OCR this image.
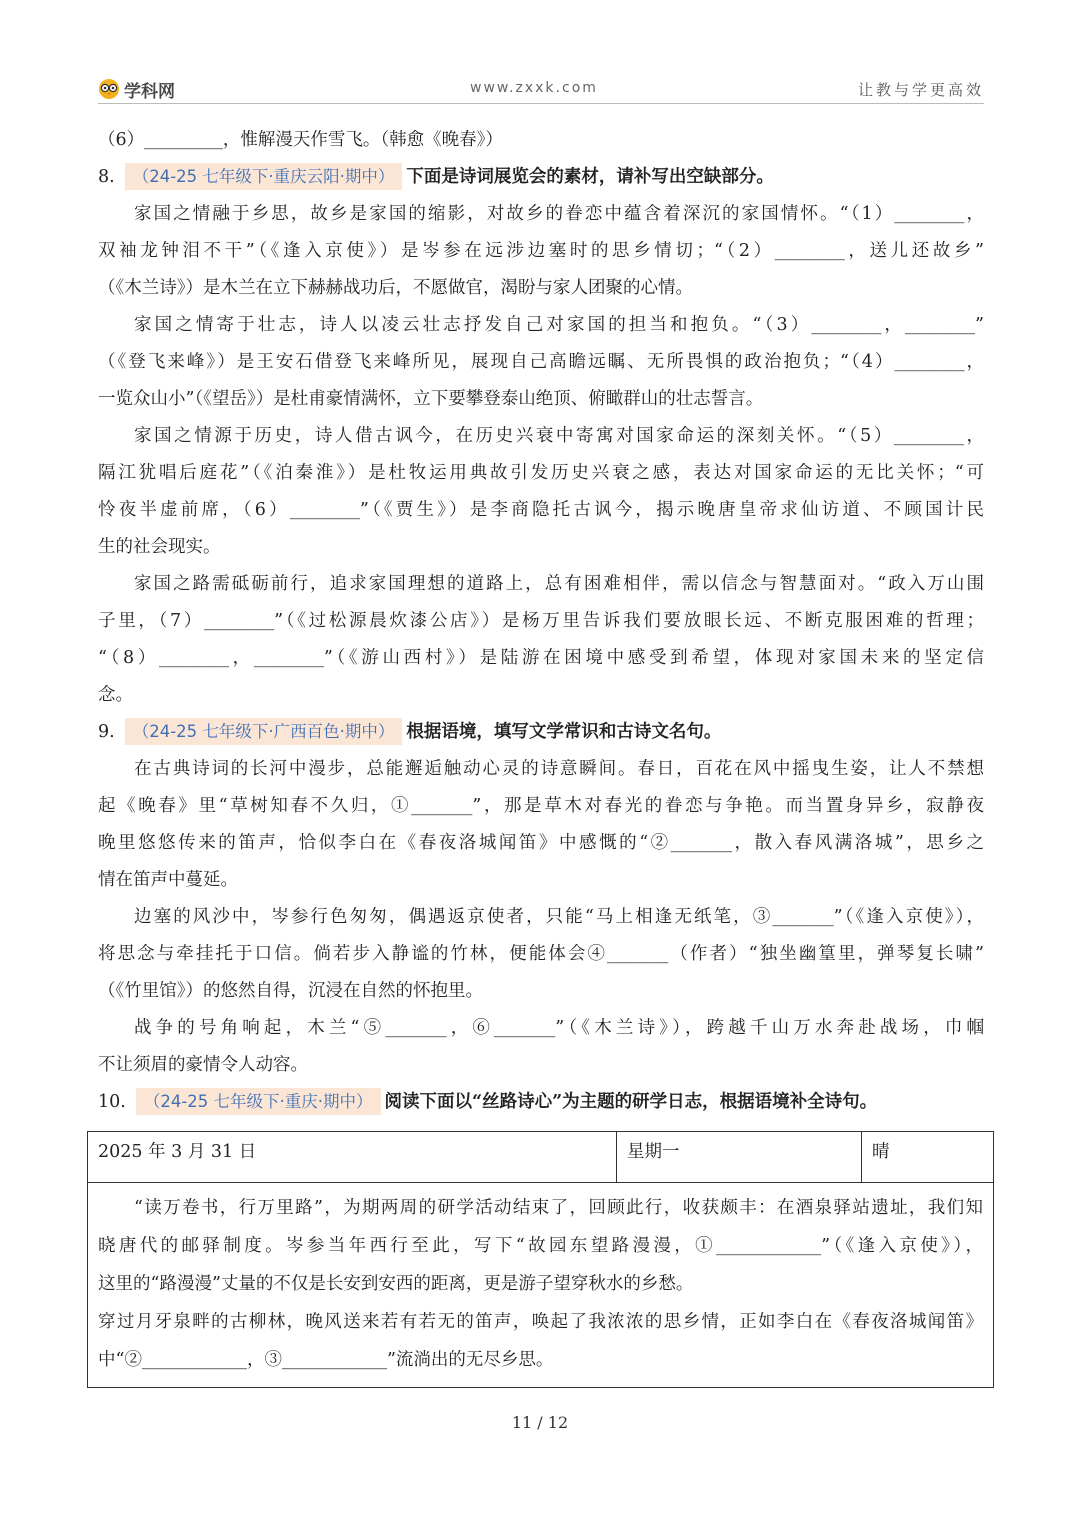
学科网	www.zxxk.com	让教与学更高效
（6）_________，惟解漫天作雪飞。（韩愈《晚春》）
8. （24-25 七年级下·重庆云阳·期中） 下面是诗词展览会的素材，请补写出空缺部分。
家国之情融于乡思，故乡是家国的缩影，对故乡的眷恋中蕴含着深沉的家国情怀。“（1）________，
双袖龙钟泪不干”（《逢入京使》）是岑参在远涉边塞时的思乡情切；“（2）________，送儿还故乡”
（《木兰诗》）是木兰在立下赫赫战功后，不愿做官，渴盼与家人团聚的心情。
家国之情寄于壮志，诗人以凌云壮志抒发自己对家国的担当和抱负。“（3）________，________”
（《登飞来峰》）是王安石借登飞来峰所见，展现自己高瞻远瞩、无所畏惧的政治抱负；“（4）________，
一览众山小”（《望岳》）是杜甫豪情满怀，立下要攀登泰山绝顶、俯瞰群山的壮志誓言。
家国之情源于历史，诗人借古讽今，在历史兴衰中寄寓对国家命运的深刻关怀。“（5）________，
隔江犹唱后庭花”（《泊秦淮》）是杜牧运用典故引发历史兴衰之感，表达对国家命运的无比关怀；“可
怜夜半虚前席，（6）________”（《贾生》）是李商隐托古讽今，揭示晚唐皇帝求仙访道、不顾国计民
生的社会现实。
家国之路需砥砺前行，追求家国理想的道路上，总有困难相伴，需以信念与智慧面对。“政入万山围
子里，（7）________”（《过松源晨炊漆公店》）是杨万里告诉我们要放眼长远、不断克服困难的哲理；
“（8）________，________”（《游山西村》）是陆游在困境中感受到希望，体现对家国未来的坚定信
念。
9. （24-25 七年级下·广西百色·期中） 根据语境，填写文学常识和古诗文名句。
在古典诗词的长河中漫步，总能邂逅触动心灵的诗意瞬间。春日，百花在风中摇曳生姿，让人不禁想
起《晚春》里“草树知春不久归，①_______”，那是草木对春光的眷恋与争艳。而当置身异乡，寂静夜
晚里悠悠传来的笛声，恰似李白在《春夜洛城闻笛》中感慨的“②_______，散入春风满洛城”，思乡之
情在笛声中蔓延。
边塞的风沙中，岑参行色匆匆，偶遇返京使者，只能“马上相逢无纸笔，③_______”（《逢入京使》），
将思念与牵挂托于口信。倘若步入静谧的竹林，便能体会④_______（作者）“独坐幽篁里，弹琴复长啸”
（《竹里馆》）的悠然自得，沉浸在自然的怀抱里。
战争的号角响起，木兰“⑤_______，⑥_______”（《木兰诗》），跨越千山万水奔赴战场，巾帼
不让须眉的豪情令人动容。
10. （24-25 七年级下·重庆·期中） 阅读下面以“丝路诗心”为主题的研学日志，根据语境补全诗句。
2025 年 3 月 31 日	星期一	晴

“读万卷书，行万里路”，为期两周的研学活动结束了，回顾此行，收获颇丰：在酒泉驿站遗址，我们知
晓唐代的邮驿制度。岑参当年西行至此，写下“故园东望路漫漫，①____________”（《逢入京使》），
这里的“路漫漫”丈量的不仅是长安到安西的距离，更是游子望穿秋水的乡愁。
穿过月牙泉畔的古柳林，晚风送来若有若无的笛声，唤起了我浓浓的思乡情，正如李白在《春夜洛城闻笛》
中“②____________，③____________”流淌出的无尽乡思。
11 / 12
